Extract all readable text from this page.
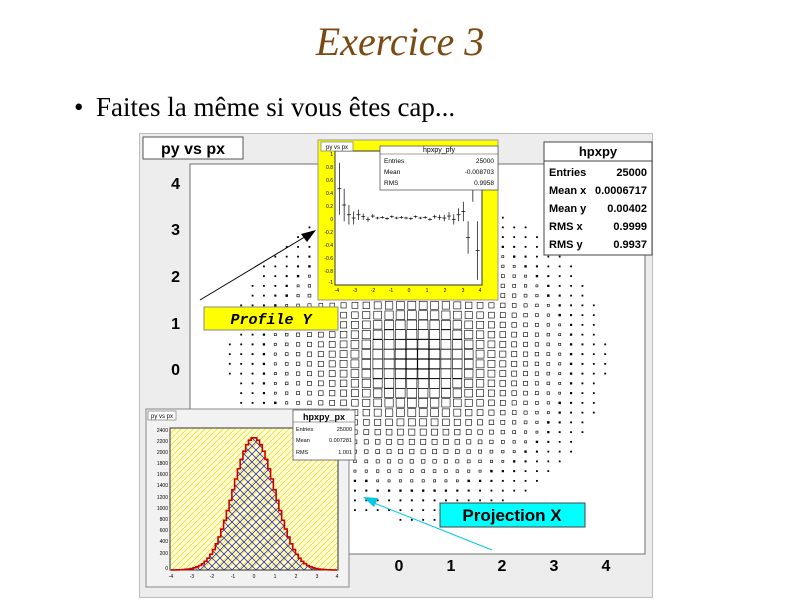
Exercice 3
• Faites la même si vous êtes cap...
py vs px
4
3
2
1
0
0	1	2	3	4
hpxpy
Entries	25000
Mean x 0.0006717
Mean y 0.00402
RMS x	0.9999
RMS y	0.9937
py vs px
1
0.8
0.6
0.4
0.2
0
-0.2
-0.4
-0.6
-0.8
-1
-4	-3	-2	-1	0	1	2	3	4
hpxpy_pfy
Entries	25000
Mean	-0.008703
RMS	0.9958
Profile Y
py vs px
2400
2200
2000
1800
1600
1400
1200
1000
800
600
400
200
0
-4	-3	-2	-1	0	1	2	3	4
hpxpy_px
Entries	25000
Mean	0.007281
RMS	1.001
Projection X
